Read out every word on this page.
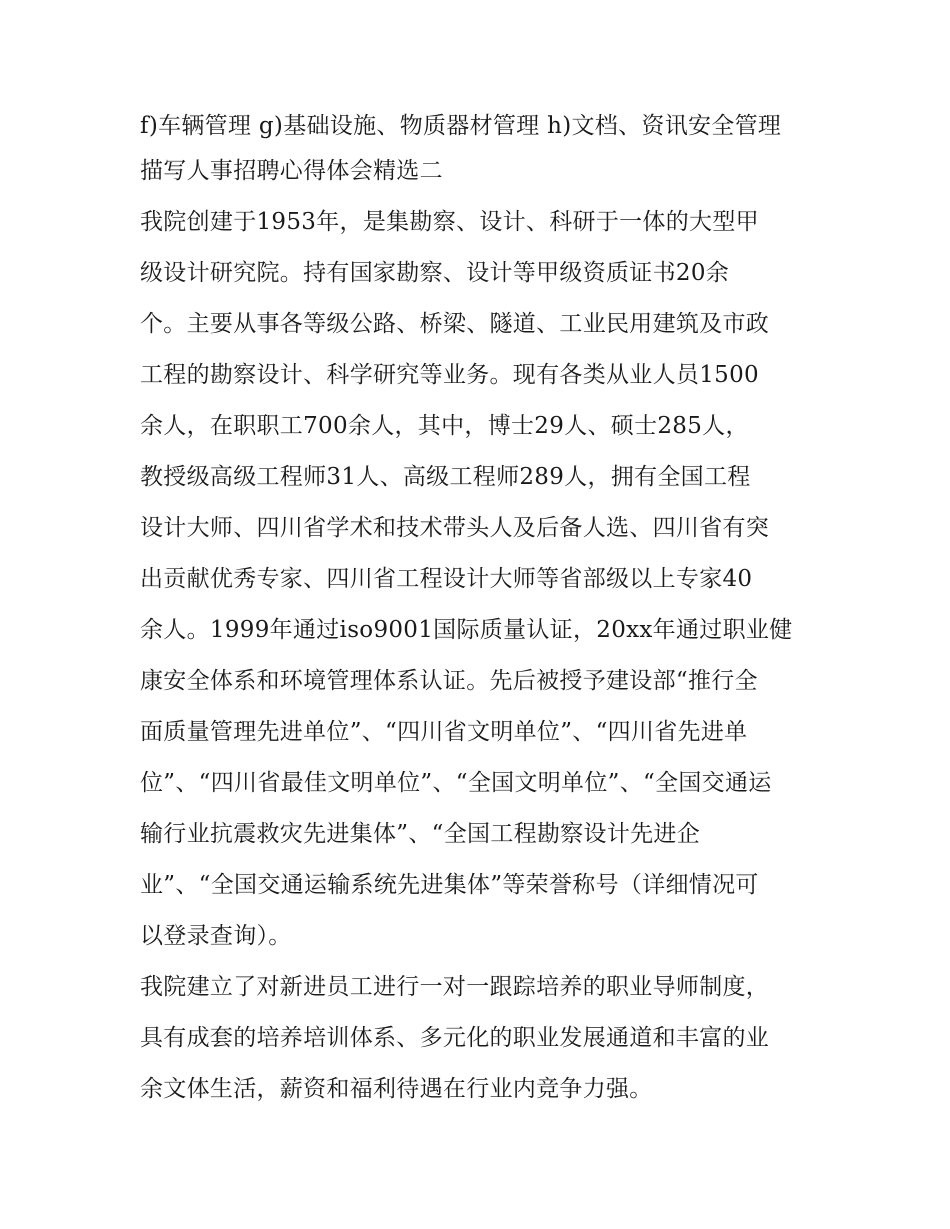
f)车辆管理 g)基础设施、物质器材管理 h)文档、资讯安全管理
描写人事招聘心得体会精选二
我院创建于1953年，是集勘察、设计、科研于一体的大型甲
级设计研究院。持有国家勘察、设计等甲级资质证书20余
个。主要从事各等级公路、桥梁、隧道、工业民用建筑及市政
工程的勘察设计、科学研究等业务。现有各类从业人员1500
余人，在职职工700余人，其中，博士29人、硕士285人，
教授级高级工程师31人、高级工程师289人，拥有全国工程
设计大师、四川省学术和技术带头人及后备人选、四川省有突
出贡献优秀专家、四川省工程设计大师等省部级以上专家40
余人。1999年通过iso9001国际质量认证，20xx年通过职业健
康安全体系和环境管理体系认证。先后被授予建设部“推行全
面质量管理先进单位”、“四川省文明单位”、“四川省先进单
位”、“四川省最佳文明单位”、“全国文明单位”、“全国交通运
输行业抗震救灾先进集体”、“全国工程勘察设计先进企
业”、“全国交通运输系统先进集体”等荣誉称号（详细情况可
以登录查询）。
我院建立了对新进员工进行一对一跟踪培养的职业导师制度，
具有成套的培养培训体系、多元化的职业发展通道和丰富的业
余文体生活，薪资和福利待遇在行业内竞争力强。
